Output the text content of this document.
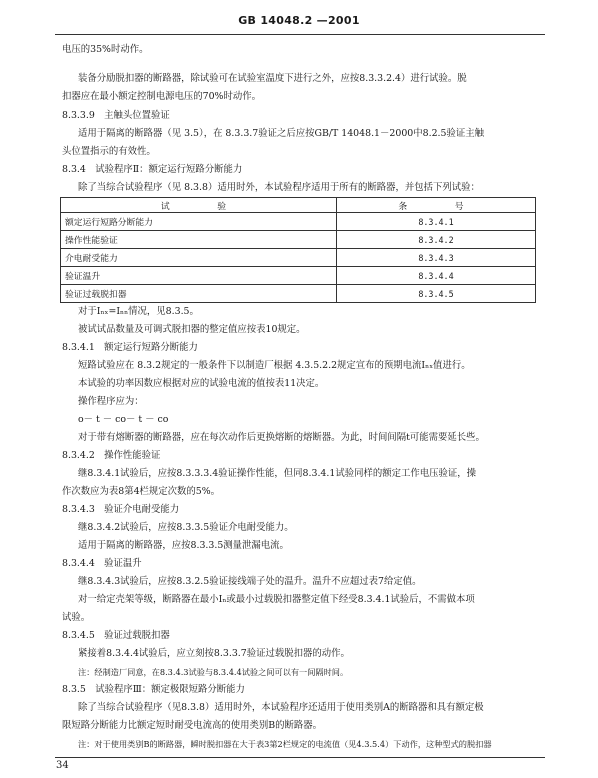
GB 14048.2 —2001
电压的35%时动作。
装备分励脱扣器的断路器，除试验可在试验室温度下进行之外，应按8.3.3.2.4）进行试验。脱
扣器应在最小额定控制电源电压的70%时动作。
8.3.3.9　主触头位置验证
适用于隔离的断路器（见 3.5），在 8.3.3.7验证之后应按GB/T 14048.1－2000中8.2.5验证主触
头位置指示的有效性。
8.3.4　试验程序Ⅱ：额定运行短路分断能力
除了当综合试验程序（见 8.3.8）适用时外，本试验程序适用于所有的断路器，并包括下列试验：
试　　验	条　　号
额定运行短路分断能力	8.3.4.1
操作性能验证	8.3.4.2
介电耐受能力	8.3.4.3
验证温升	8.3.4.4
验证过载脱扣器	8.3.4.5
对于Iₙₓ=Iₙₙ情况，见8.3.5。
被试试品数量及可调式脱扣器的整定值应按表10规定。
8.3.4.1　额定运行短路分断能力
短路试验应在 8.3.2规定的一般条件下以制造厂根据 4.3.5.2.2规定宣布的预期电流Iₙₓ值进行。
本试验的功率因数应根据对应的试验电流的值按表11决定。
操作程序应为：
o－ t － co－ t － co
对于带有熔断器的断路器，应在每次动作后更换熔断的熔断器。为此，时间间隔t可能需要延长些。
8.3.4.2　操作性能验证
继8.3.4.1试验后，应按8.3.3.3.4验证操作性能，但同8.3.4.1试验同样的额定工作电压验证，操
作次数应为表8第4栏规定次数的5%。
8.3.4.3　验证介电耐受能力
继8.3.4.2试验后，应按8.3.3.5验证介电耐受能力。
适用于隔离的断路器，应按8.3.3.5测量泄漏电流。
8.3.4.4　验证温升
继8.3.4.3试验后，应按8.3.2.5验证接线端子处的温升。温升不应超过表7给定值。
对一给定壳架等级，断路器在最小Iₙ或最小过载脱扣器整定值下经受8.3.4.1试验后，不需做本项
试验。
8.3.4.5　验证过载脱扣器
紧接着8.3.4.4试验后，应立刻按8.3.3.7验证过载脱扣器的动作。
注：经制造厂同意，在8.3.4.3试验与8.3.4.4试验之间可以有一间隔时间。
8.3.5　试验程序Ⅲ：额定极限短路分断能力
除了当综合试验程序（见8.3.8）适用时外，本试验程序还适用于使用类别A的断路器和具有额定极
限短路分断能力比额定短时耐受电流高的使用类别B的断路器。
注：对于使用类别B的断路器，瞬时脱扣器在大于表3第2栏规定的电流值（见4.3.5.4）下动作，这种型式的脱扣器
34
